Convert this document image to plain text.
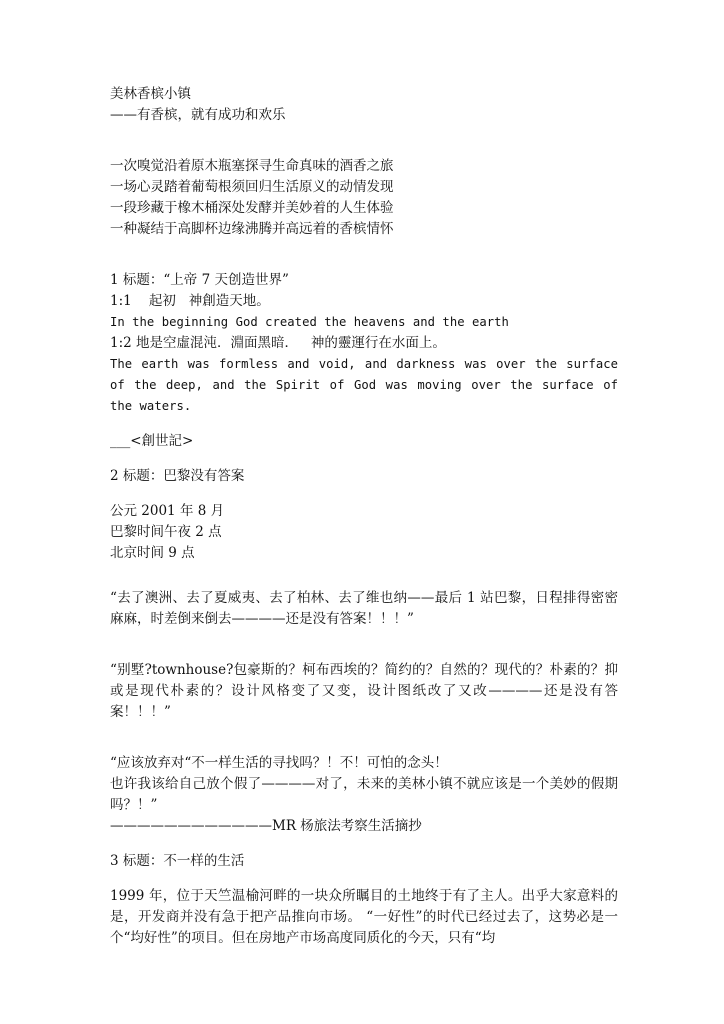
美林香槟小镇
——有香槟，就有成功和欢乐
一次嗅觉沿着原木瓶塞探寻生命真味的酒香之旅
一场心灵踏着葡萄根须回归生活原义的动情发现
一段珍藏于橡木桶深处发酵并美妙着的人生体验
一种凝结于高脚杯边缘沸腾并高远着的香槟情怀
1 标题：“上帝 7 天创造世界”
1:1    起初   神創造天地。
In the beginning God created the heavens and the earth
1:2 地是空虛混沌．淵面黑暗．   神的靈運行在水面上。
The earth was formless and void, and darkness was over the surface of the deep, and the Spirit of God was moving over the surface of the waters.
___<創世記>
2 标题：巴黎没有答案
公元 2001 年 8 月
巴黎时间午夜 2 点
北京时间 9 点
“去了澳洲、去了夏威夷、去了柏林、去了维也纳——最后 1 站巴黎，日程排得密密麻麻，时差倒来倒去————还是没有答案！！！”
“别墅?townhouse?包豪斯的？柯布西埃的？简约的？自然的？现代的？朴素的？抑或是现代朴素的？设计风格变了又变，设计图纸改了又改————还是没有答案！！！”
“应该放弃对“不一样生活的寻找吗？！不！可怕的念头！
也许我该给自己放个假了————对了，未来的美林小镇不就应该是一个美妙的假期吗？！”
————————————MR 杨旅法考察生活摘抄
3 标题：不一样的生活
1999 年，位于天竺温榆河畔的一块众所瞩目的土地终于有了主人。出乎大家意料的是，开发商并没有急于把产品推向市场。 “一好性”的时代已经过去了，这势必是一个“均好性”的项目。但在房地产市场高度同质化的今天，只有“均
